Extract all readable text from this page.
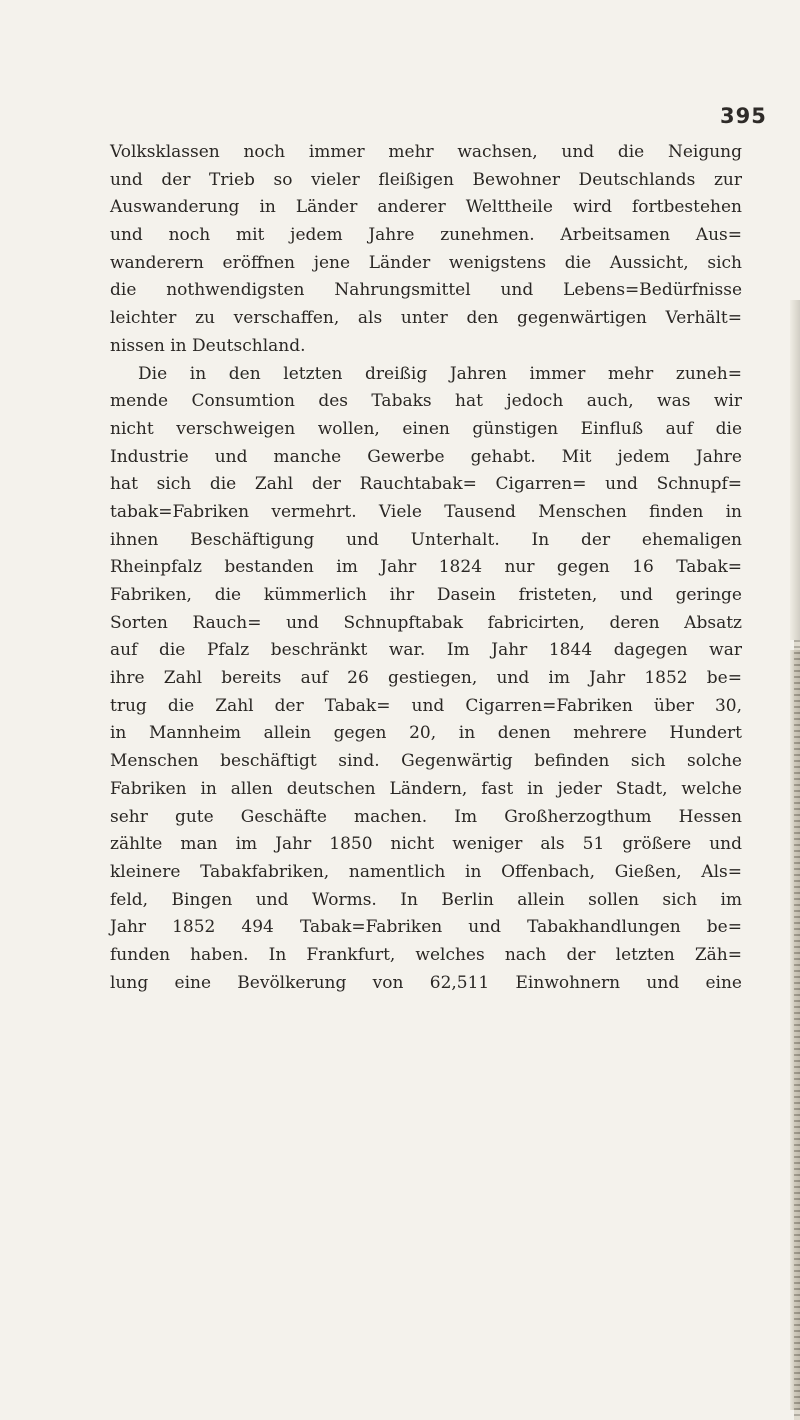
395
Volksklassen noch immer mehr wachsen, und die Neigung
und der Trieb so vieler fleißigen Bewohner Deutschlands zur
Auswanderung in Länder anderer Welttheile wird fortbestehen
und noch mit jedem Jahre zunehmen. Arbeitsamen Aus=
wanderern eröffnen jene Länder wenigstens die Aussicht, sich
die nothwendigsten Nahrungsmittel und Lebens=Bedürfnisse
leichter zu verschaffen, als unter den gegenwärtigen Verhält=
nissen in Deutschland.
Die in den letzten dreißig Jahren immer mehr zuneh=
mende Consumtion des Tabaks hat jedoch auch, was wir
nicht verschweigen wollen, einen günstigen Einfluß auf die
Industrie und manche Gewerbe gehabt. Mit jedem Jahre
hat sich die Zahl der Rauchtabak= Cigarren= und Schnupf=
tabak=Fabriken vermehrt. Viele Tausend Menschen finden in
ihnen Beschäftigung und Unterhalt. In der ehemaligen
Rheinpfalz bestanden im Jahr 1824 nur gegen 16 Tabak=
Fabriken, die kümmerlich ihr Dasein fristeten, und geringe
Sorten Rauch= und Schnupftabak fabricirten, deren Absatz
auf die Pfalz beschränkt war. Im Jahr 1844 dagegen war
ihre Zahl bereits auf 26 gestiegen, und im Jahr 1852 be=
trug die Zahl der Tabak= und Cigarren=Fabriken über 30,
in Mannheim allein gegen 20, in denen mehrere Hundert
Menschen beschäftigt sind. Gegenwärtig befinden sich solche
Fabriken in allen deutschen Ländern, fast in jeder Stadt, welche
sehr gute Geschäfte machen. Im Großherzogthum Hessen
zählte man im Jahr 1850 nicht weniger als 51 größere und
kleinere Tabakfabriken, namentlich in Offenbach, Gießen, Als=
feld, Bingen und Worms. In Berlin allein sollen sich im
Jahr 1852 494 Tabak=Fabriken und Tabakhandlungen be=
funden haben. In Frankfurt, welches nach der letzten Zäh=
lung eine Bevölkerung von 62,511 Einwohnern und eine
